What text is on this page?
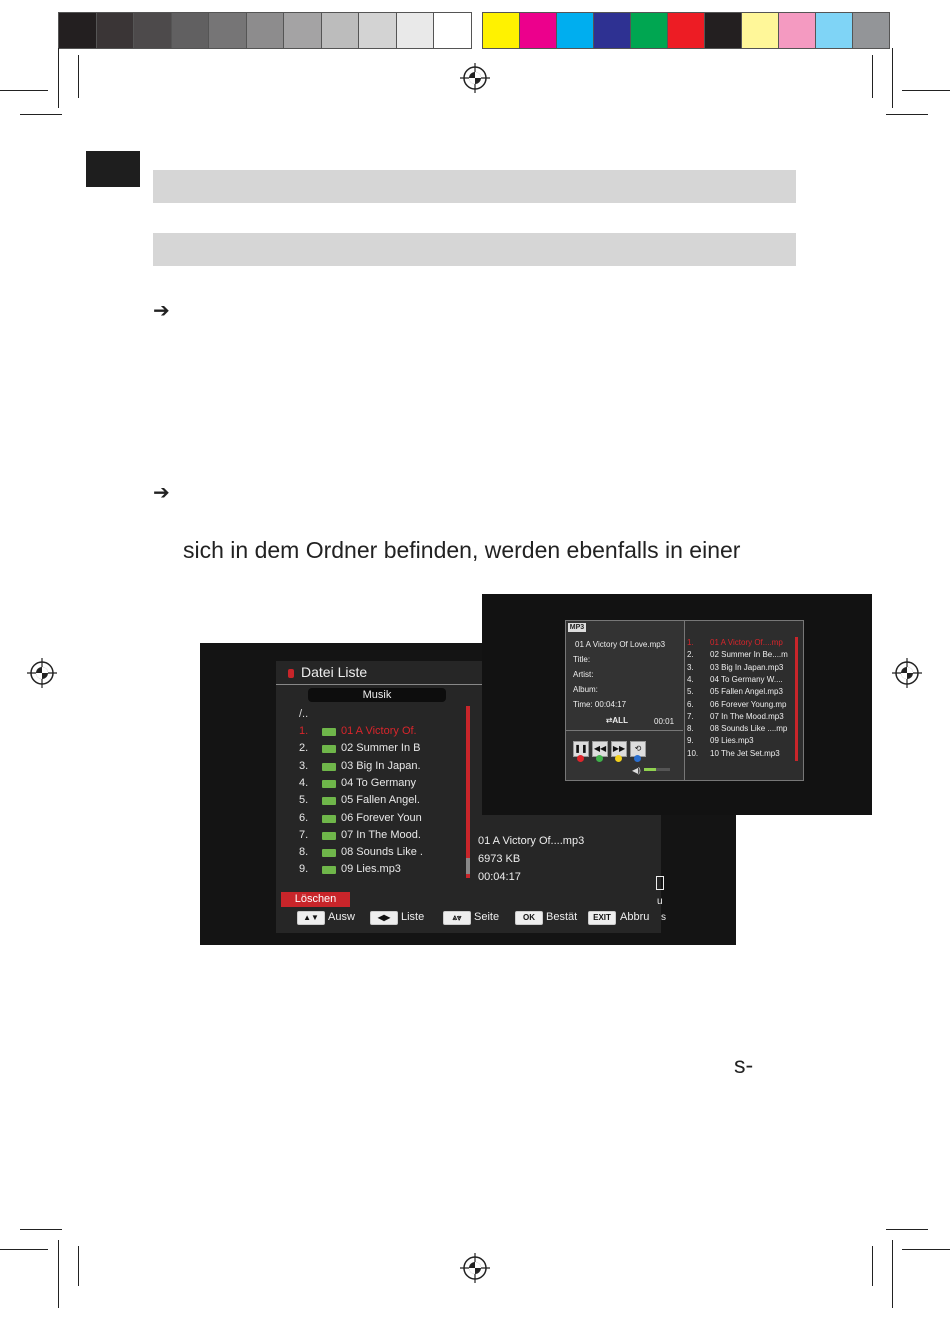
➔
➔
sich in dem Ordner befinden, werden ebenfalls in einer
Datei Liste
Musik
/..
1.	01 A Victory Of.
2.	02 Summer In B
3.	03 Big In Japan.
4.	04 To Germany
5.	05 Fallen Angel.
6.	06 Forever Youn
7.	07 In The Mood.
8.	08 Sounds Like .
9.	09 Lies.mp3
01 A Victory Of....mp3
6973 KB
00:04:17
u
s
Löschen
▲▼ Ausw	◀▶ Liste	⩓⩔	Seite	OK	Bestät	EXIT Abbru
MP3
01 A Victory Of Love.mp3
Title:
Artist:
Album:
Time: 00:04:17
⮂ALL	00:01
❚❚ ◀◀ ▶▶	⟲
◀)
1. 01 A Victory Of....mp
2. 02 Summer In Be....m
3. 03 Big In Japan.mp3
4. 04 To Germany W....
5. 05 Fallen Angel.mp3
6. 06 Forever Young.mp
7. 07 In The Mood.mp3
8. 08 Sounds Like ....mp
9. 09 Lies.mp3
10. 10 The Jet Set.mp3
s-
